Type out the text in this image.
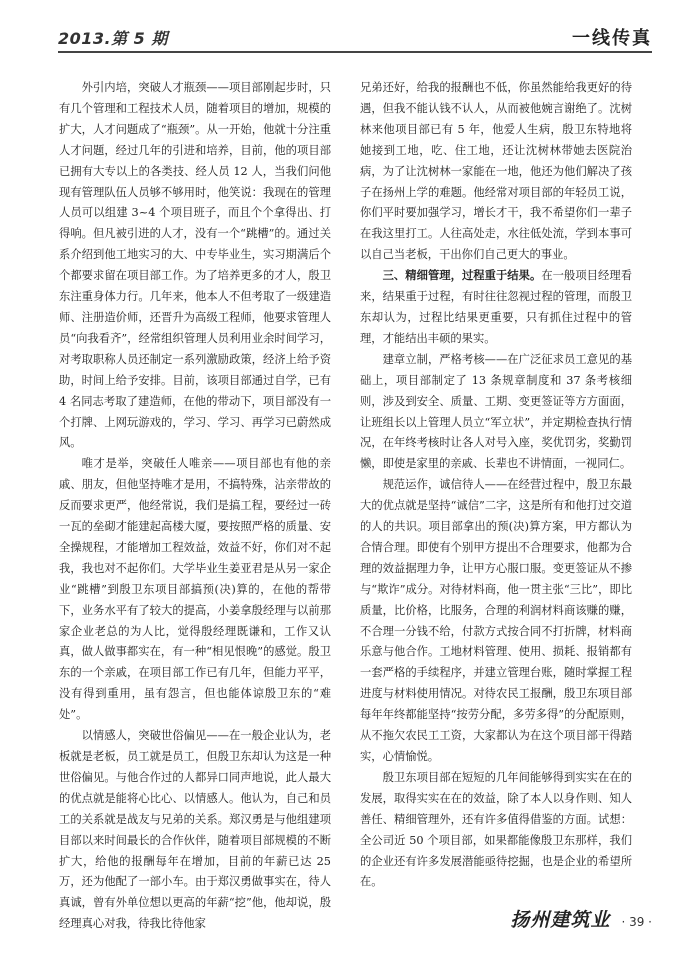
2013.第 5 期	一线传真

外引内培，突破人才瓶颈——项目部刚起步时，只有几个管理和工程技术人员，随着项目的增加，规模的扩大，人才问题成了“瓶颈”。从一开始，他就十分注重人才问题，经过几年的引进和培养，目前，他的项目部已拥有大专以上的各类技、经人员 12 人，当我们问他现有管理队伍人员够不够用时，他笑说：我现在的管理人员可以组建 3~4 个项目班子，而且个个拿得出、打得响。但凡被引进的人才，没有一个“跳槽”的。通过关系介绍到他工地实习的大、中专毕业生，实习期满后个个都要求留在项目部工作。为了培养更多的才人，殷卫东注重身体力行。几年来，他本人不但考取了一级建造师、注册造价师，还晋升为高级工程师，他要求管理人员“向我看齐”，经常组织管理人员利用业余时间学习，对考取职称人员还制定一系列激励政策，经济上给予资助，时间上给予安排。目前，该项目部通过自学，已有 4 名同志考取了建造师，在他的带动下，项目部没有一个打牌、上网玩游戏的，学习、学习、再学习已蔚然成风。

唯才是举，突破任人唯亲——项目部也有他的亲戚、朋友，但他坚持唯才是用，不搞特殊，沾亲带故的反而要求更严，他经常说，我们是搞工程，要经过一砖一瓦的垒砌才能建起高楼大厦，要按照严格的质量、安全操规程，才能增加工程效益，效益不好，你们对不起我，我也对不起你们。大学毕业生姜亚君是从另一家企业“跳槽”到殷卫东项目部搞预(决)算的，在他的帮带下，业务水平有了较大的提高，小姜拿殷经理与以前那家企业老总的为人比，觉得殷经理既谦和，工作又认真，做人做事都实在，有一种“相见恨晚”的感觉。殷卫东的一个亲戚，在项目部工作已有几年，但能力平平，没有得到重用，虽有怨言，但也能体谅殷卫东的“难处”。

以情感人，突破世俗偏见——在一般企业认为，老板就是老板，员工就是员工，但殷卫东却认为这是一种世俗偏见。与他合作过的人都异口同声地说，此人最大的优点就是能将心比心、以情感人。他认为，自己和员工的关系就是战友与兄弟的关系。郑汉勇是与他组建项目部以来时间最长的合作伙伴，随着项目部规模的不断扩大，给他的报酬每年在增加，目前的年薪已达 25 万，还为他配了一部小车。由于郑汉勇做事实在，待人真诚，曾有外单位想以更高的年薪“挖”他，他却说，殷经理真心对我，待我比待他家

兄弟还好，给我的报酬也不低，你虽然能给我更好的待遇，但我不能认钱不认人，从而被他婉言谢绝了。沈树林来他项目部已有 5 年，他爱人生病，殷卫东特地将她接到工地，吃、住工地，还让沈树林带她去医院治病，为了让沈树林一家能在一地，他还为他们解决了孩子在扬州上学的难题。他经常对项目部的年轻员工说，你们平时要加强学习，增长才干，我不希望你们一辈子在我这里打工。人往高处走，水往低处流，学到本事可以自己当老板，干出你们自己更大的事业。

三、精细管理，过程重于结果。在一般项目经理看来，结果重于过程，有时往往忽视过程的管理，而殷卫东却认为，过程比结果更重要，只有抓住过程中的管理，才能结出丰硕的果实。

建章立制，严格考核——在广泛征求员工意见的基础上，项目部制定了 13 条规章制度和 37 条考核细则，涉及到安全、质量、工期、变更签证等方方面面，让班组长以上管理人员立“军立状”，并定期检查执行情况，在年终考核时让各人对号入座，奖优罚劣，奖勤罚懒，即使是家里的亲戚、长辈也不讲情面，一视同仁。

规范运作，诚信待人——在经营过程中，殷卫东最大的优点就是坚持“诚信”二字，这是所有和他打过交道的人的共识。项目部拿出的预(决)算方案，甲方都认为合情合理。即使有个别甲方提出不合理要求，他都为合理的效益据理力争，让甲方心服口服。变更签证从不掺与“欺诈”成分。对待材料商，他一贯主张“三比”，即比质量，比价格，比服务，合理的利润材料商该赚的赚，不合理一分钱不给，付款方式按合同不打折牌，材料商乐意与他合作。工地材料管理、使用、损耗、报销都有一套严格的手续程序，并建立管理台账，随时掌握工程进度与材料使用情况。对待农民工报酬，殷卫东项目部每年年终都能坚持“按劳分配，多劳多得”的分配原则，从不拖欠农民工工资，大家都认为在这个项目部干得踏实，心情愉悦。

殷卫东项目部在短短的几年间能够得到实实在在的发展，取得实实在在的效益，除了本人以身作则、知人善任、精细管理外，还有许多值得借鉴的方面。试想：全公司近 50 个项目部，如果都能像殷卫东那样，我们的企业还有许多发展潜能亟待挖掘，也是企业的希望所在。

扬州建筑业 · 39 ·
